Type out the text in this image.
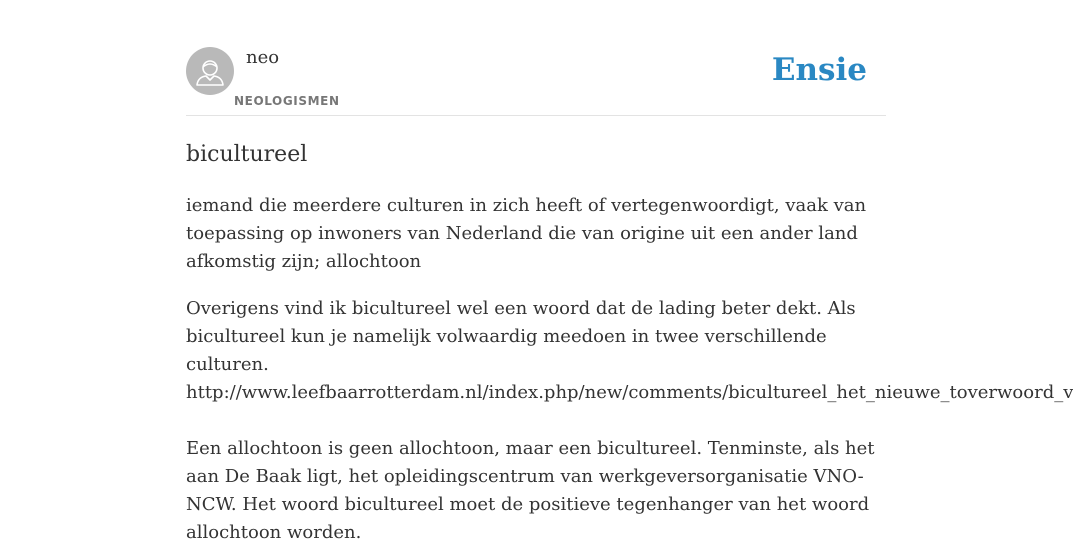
neo
NEOLOGISMEN
Ensie
bicultureel
iemand die meerdere culturen in zich heeft of vertegenwoordigt, vaak van toepassing op inwoners van Nederland die van origine uit een ander land afkomstig zijn; allochtoon

Overigens vind ik bicultureel wel een woord dat de lading beter dekt. Als bicultureel kun je namelijk volwaardig meedoen in twee verschillende culturen.

http://www.leefbaarrotterdam.nl/index.php/new/comments/bicultureel_het_nieuwe_toverwoord_v

Een allochtoon is geen allochtoon, maar een bicultureel. Tenminste, als het aan De Baak ligt, het opleidingscentrum van werkgeversorganisatie VNO-NCW. Het woord bicultureel moet de positieve tegenhanger van het woord allochtoon worden.
